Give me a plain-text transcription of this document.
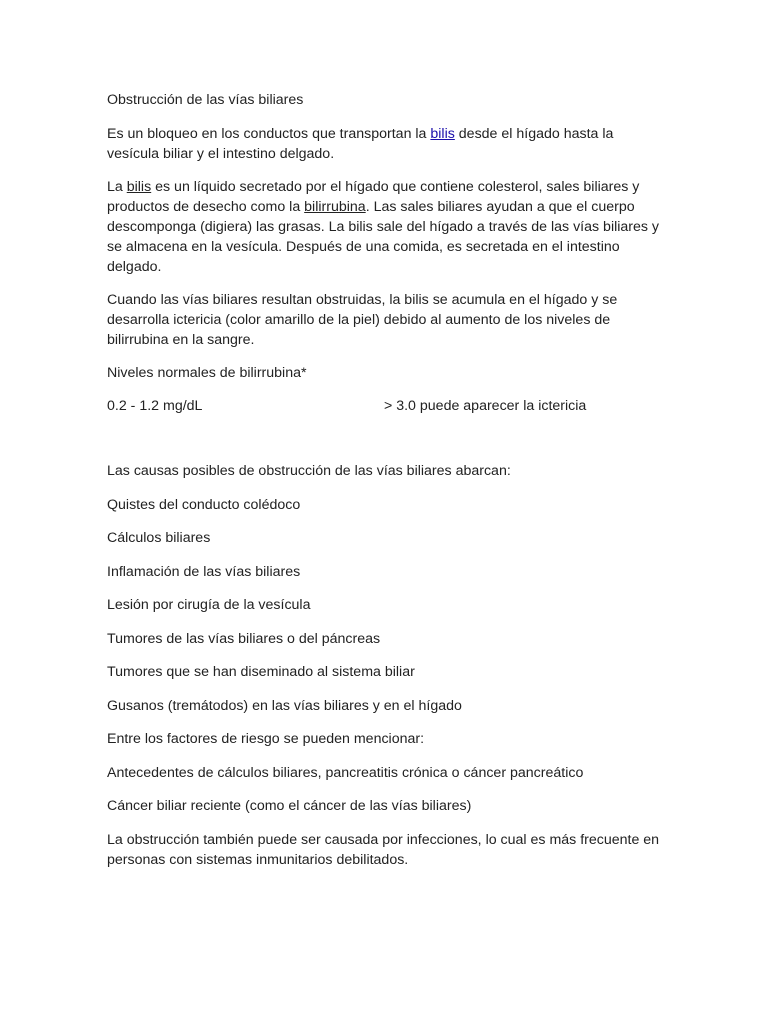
Obstrucción de las vías biliares
Es un bloqueo en los conductos que transportan la bilis desde el hígado hasta la vesícula biliar y el intestino delgado.
La bilis es un líquido secretado por el hígado que contiene colesterol, sales biliares y productos de desecho como la bilirrubina. Las sales biliares ayudan a que el cuerpo descomponga (digiera) las grasas. La bilis sale del hígado a través de las vías biliares y se almacena en la vesícula. Después de una comida, es secretada en el intestino delgado.
Cuando las vías biliares resultan obstruidas, la bilis se acumula en el hígado y se desarrolla ictericia (color amarillo de la piel) debido al aumento de los niveles de bilirrubina en la sangre.
Niveles normales de bilirrubina*
0.2 - 1.2 mg/dL	> 3.0 puede aparecer la ictericia
Las causas posibles de obstrucción de las vías biliares abarcan:
Quistes del conducto colédoco
Cálculos biliares
Inflamación de las vías biliares
Lesión por cirugía de la vesícula
Tumores de las vías biliares o del páncreas
Tumores que se han diseminado al sistema biliar
Gusanos (tremátodos) en las vías biliares y en el hígado
Entre los factores de riesgo se pueden mencionar:
Antecedentes de cálculos biliares, pancreatitis crónica o cáncer pancreático
Cáncer biliar reciente (como el cáncer de las vías biliares)
La obstrucción también puede ser causada por infecciones, lo cual es más frecuente en personas con sistemas inmunitarios debilitados.
